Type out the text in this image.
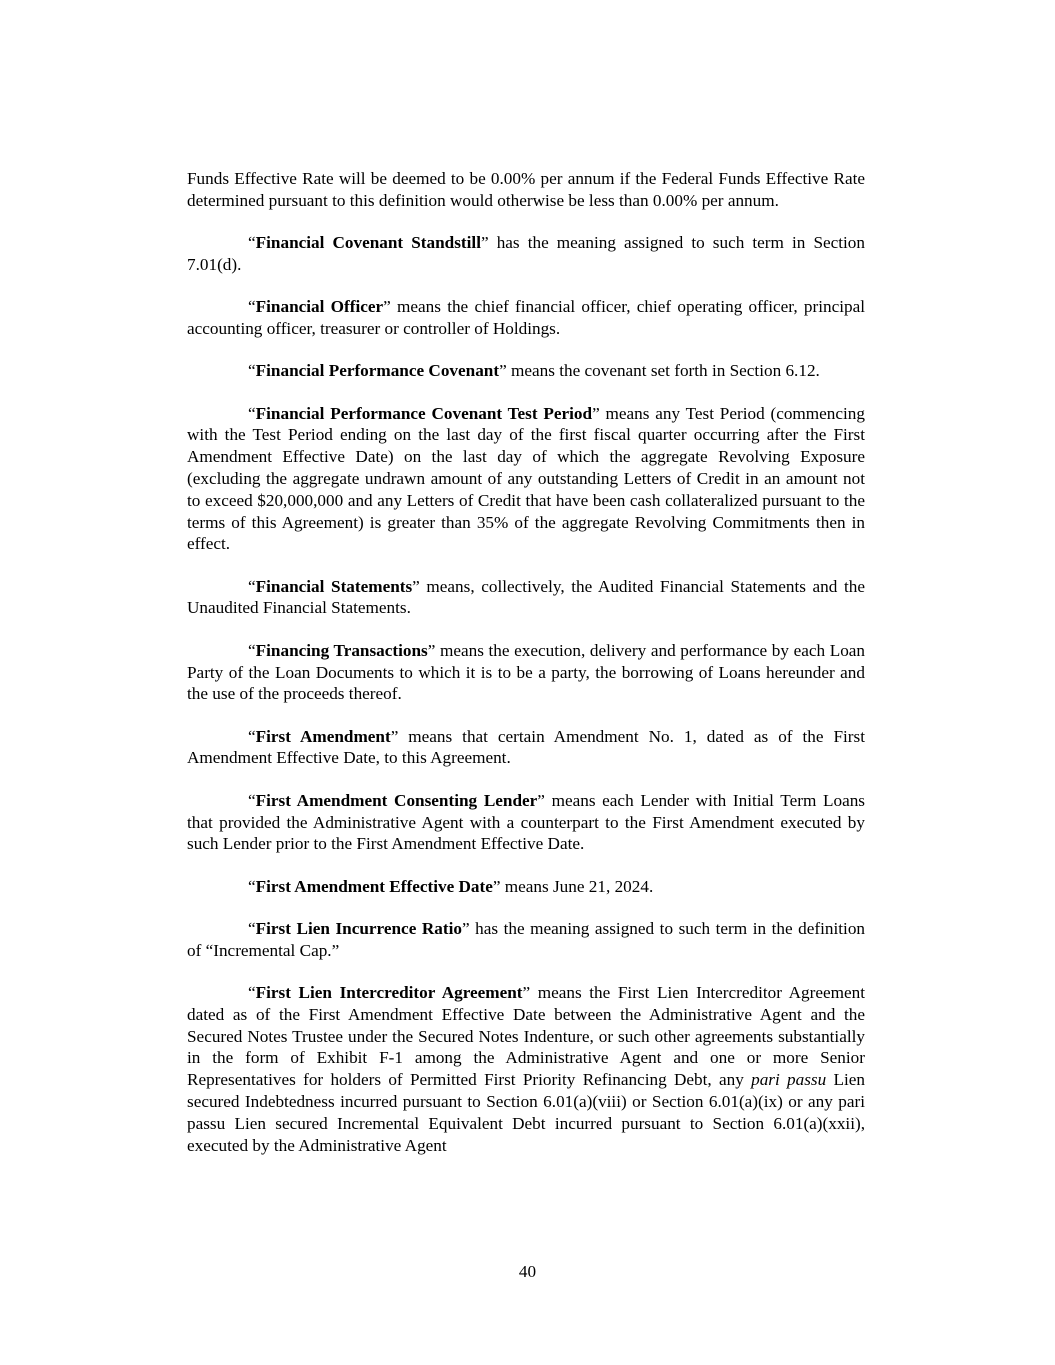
Funds Effective Rate will be deemed to be 0.00% per annum if the Federal Funds Effective Rate determined pursuant to this definition would otherwise be less than 0.00% per annum.

“Financial Covenant Standstill” has the meaning assigned to such term in Section 7.01(d).

“Financial Officer” means the chief financial officer, chief operating officer, principal accounting officer, treasurer or controller of Holdings.

“Financial Performance Covenant” means the covenant set forth in Section 6.12.

“Financial Performance Covenant Test Period” means any Test Period (commencing with the Test Period ending on the last day of the first fiscal quarter occurring after the First Amendment Effective Date) on the last day of which the aggregate Revolving Exposure (excluding the aggregate undrawn amount of any outstanding Letters of Credit in an amount not to exceed $20,000,000 and any Letters of Credit that have been cash collateralized pursuant to the terms of this Agreement) is greater than 35% of the aggregate Revolving Commitments then in effect.

“Financial Statements” means, collectively, the Audited Financial Statements and the Unaudited Financial Statements.

“Financing Transactions” means the execution, delivery and performance by each Loan Party of the Loan Documents to which it is to be a party, the borrowing of Loans hereunder and the use of the proceeds thereof.

“First Amendment” means that certain Amendment No. 1, dated as of the First Amendment Effective Date, to this Agreement.

“First Amendment Consenting Lender” means each Lender with Initial Term Loans that provided the Administrative Agent with a counterpart to the First Amendment executed by such Lender prior to the First Amendment Effective Date.

“First Amendment Effective Date” means June 21, 2024.

“First Lien Incurrence Ratio” has the meaning assigned to such term in the definition of “Incremental Cap.”

“First Lien Intercreditor Agreement” means the First Lien Intercreditor Agreement dated as of the First Amendment Effective Date between the Administrative Agent and the Secured Notes Trustee under the Secured Notes Indenture, or such other agreements substantially in the form of Exhibit F-1 among the Administrative Agent and one or more Senior Representatives for holders of Permitted First Priority Refinancing Debt, any pari passu Lien secured Indebtedness incurred pursuant to Section 6.01(a)(viii) or Section 6.01(a)(ix) or any pari passu Lien secured Incremental Equivalent Debt incurred pursuant to Section 6.01(a)(xxii), executed by the Administrative Agent

40
